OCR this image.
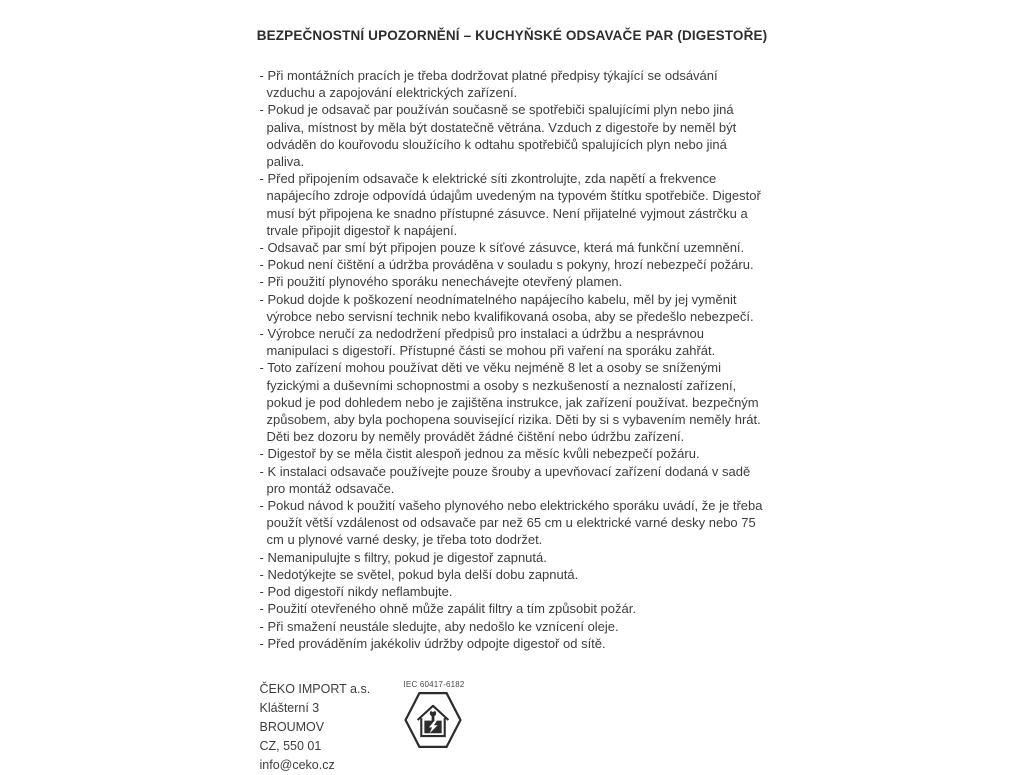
BEZPEČNOSTNÍ UPOZORNĚNÍ – KUCHYŇSKÉ ODSAVAČE PAR (DIGESTOŘE)
- Při montážních pracích je třeba dodržovat platné předpisy týkající se odsávání vzduchu a zapojování elektrických zařízení.
- Pokud je odsavač par používán současně se spotřebiči spalujícími plyn nebo jiná paliva, místnost by měla být dostatečně větrána. Vzduch z digestoře by neměl být odváděn do kouřovodu sloužícího k odtahu spotřebičů spalujících plyn nebo jiná paliva.
- Před připojením odsavače k elektrické síti zkontrolujte, zda napětí a frekvence napájecího zdroje odpovídá údajům uvedeným na typovém štítku spotřebiče. Digestoř musí být připojena ke snadno přístupné zásuvce. Není přijatelné vyjmout zástrčku a trvale připojit digestoř k napájení.
- Odsavač par smí být připojen pouze k síťové zásuvce, která má funkční uzemnění.
- Pokud není čištění a údržba prováděna v souladu s pokyny, hrozí nebezpečí požáru.
- Při použití plynového sporáku nenechávejte otevřený plamen.
- Pokud dojde k poškození neodnímatelného napájecího kabelu, měl by jej vyměnit výrobce nebo servisní technik nebo kvalifikovaná osoba, aby se předešlo nebezpečí.
- Výrobce neručí za nedodržení předpisů pro instalaci a údržbu a nesprávnou manipulaci s digestoří. Přístupné části se mohou při vaření na sporáku zahřát.
- Toto zařízení mohou používat děti ve věku nejméně 8 let a osoby se sníženými fyzickými a duševními schopnostmi a osoby s nezkušeností a neznalostí zařízení, pokud je pod dohledem nebo je zajištěna instrukce, jak zařízení používat. bezpečným způsobem, aby byla pochopena související rizika. Děti by si s vybavením neměly hrát. Děti bez dozoru by neměly provádět žádné čištění nebo údržbu zařízení.
- Digestoř by se měla čistit alespoň jednou za měsíc kvůli nebezpečí požáru.
- K instalaci odsavače používejte pouze šrouby a upevňovací zařízení dodaná v sadě pro montáž odsavače.
- Pokud návod k použití vašeho plynového nebo elektrického sporáku uvádí, že je třeba použít větší vzdálenost od odsavače par než 65 cm u elektrické varné desky nebo 75 cm u plynové varné desky, je třeba toto dodržet.
- Nemanipulujte s filtry, pokud je digestoř zapnutá.
- Nedotýkejte se světel, pokud byla delší dobu zapnutá.
- Pod digestoří nikdy neflambujte.
- Použití otevřeného ohně může zapálit filtry a tím způsobit požár.
- Při smažení neustále sledujte, aby nedošlo ke vznícení oleje.
- Před prováděním jakékoliv údržby odpojte digestoř od sítě.
ČEKO IMPORT a.s.
Klášterní 3
BROUMOV
CZ, 550 01
info@ceko.cz
IEC 60417-6182
